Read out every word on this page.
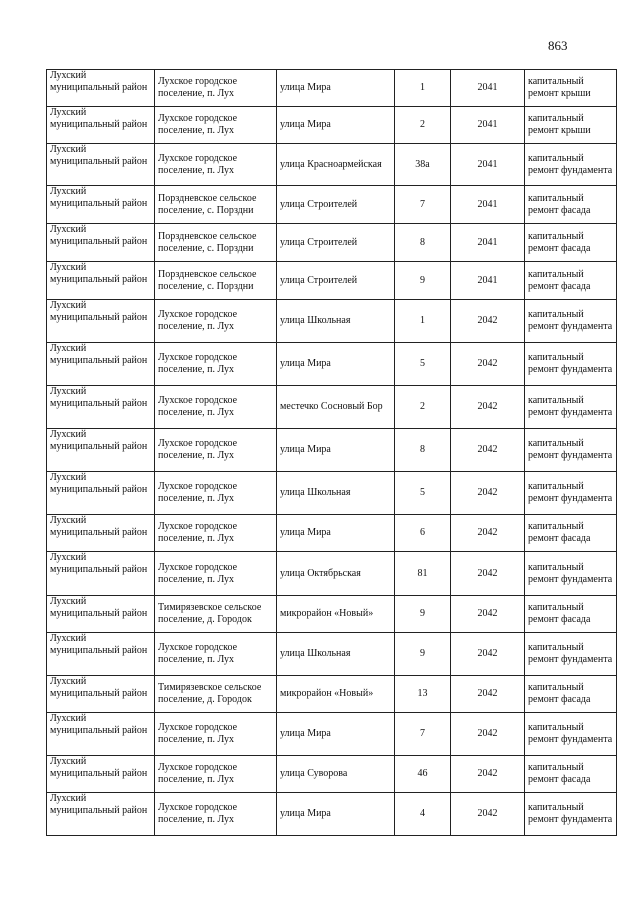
863
Лухский муниципальный район	Лухское городское поселение, п. Лух	улица Мира	1	2041	капитальный ремонт крыши
Лухский муниципальный район	Лухское городское поселение, п. Лух	улица Мира	2	2041	капитальный ремонт крыши
Лухский муниципальный район	Лухское городское поселение, п. Лух	улица Красноармейская	38а	2041	капитальный ремонт фундамента
Лухский муниципальный район	Порздневское сельское поселение, с. Порздни	улица Строителей	7	2041	капитальный ремонт фасада
Лухский муниципальный район	Порздневское сельское поселение, с. Порздни	улица Строителей	8	2041	капитальный ремонт фасада
Лухский муниципальный район	Порздневское сельское поселение, с. Порздни	улица Строителей	9	2041	капитальный ремонт фасада
Лухский муниципальный район	Лухское городское поселение, п. Лух	улица Школьная	1	2042	капитальный ремонт фундамента
Лухский муниципальный район	Лухское городское поселение, п. Лух	улица Мира	5	2042	капитальный ремонт фундамента
Лухский муниципальный район	Лухское городское поселение, п. Лух	местечко Сосновый Бор	2	2042	капитальный ремонт фундамента
Лухский муниципальный район	Лухское городское поселение, п. Лух	улица Мира	8	2042	капитальный ремонт фундамента
Лухский муниципальный район	Лухское городское поселение, п. Лух	улица Школьная	5	2042	капитальный ремонт фундамента
Лухский муниципальный район	Лухское городское поселение, п. Лух	улица Мира	6	2042	капитальный ремонт фасада
Лухский муниципальный район	Лухское городское поселение, п. Лух	улица Октябрьская	81	2042	капитальный ремонт фундамента
Лухский муниципальный район	Тимирязевское сельское поселение, д. Городок	микрорайон «Новый»	9	2042	капитальный ремонт фасада
Лухский муниципальный район	Лухское городское поселение, п. Лух	улица Школьная	9	2042	капитальный ремонт фундамента
Лухский муниципальный район	Тимирязевское сельское поселение, д. Городок	микрорайон «Новый»	13	2042	капитальный ремонт фасада
Лухский муниципальный район	Лухское городское поселение, п. Лух	улица Мира	7	2042	капитальный ремонт фундамента
Лухский муниципальный район	Лухское городское поселение, п. Лух	улица Суворова	46	2042	капитальный ремонт фасада
Лухский муниципальный район	Лухское городское поселение, п. Лух	улица Мира	4	2042	капитальный ремонт фундамента
